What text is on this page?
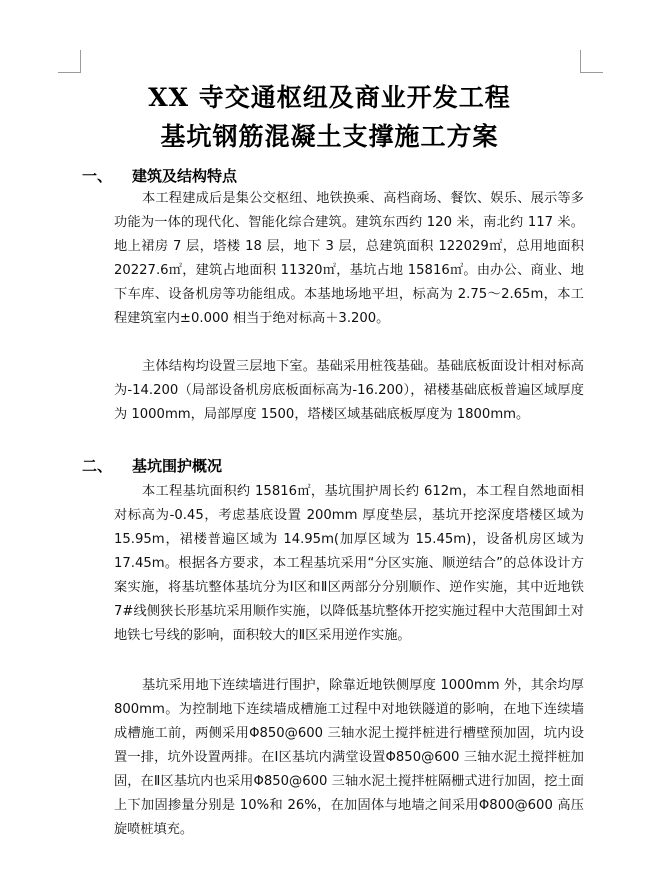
XX 寺交通枢纽及商业开发工程
基坑钢筋混凝土支撑施工方案
一、 建筑及结构特点
本工程建成后是集公交枢纽、地铁换乘、高档商场、餐饮、娱乐、展示等多功能为一体的现代化、智能化综合建筑。建筑东西约 120 米，南北约 117 米。地上裙房 7 层，塔楼 18 层，地下 3 层，总建筑面积 122029㎡，总用地面积 20227.6㎡，建筑占地面积 11320㎡，基坑占地 15816㎡。由办公、商业、地下车库、设备机房等功能组成。本基地场地平坦，标高为 2.75～2.65m，本工程建筑室内±0.000 相当于绝对标高＋3.200。
主体结构均设置三层地下室。基础采用桩筏基础。基础底板面设计相对标高为-14.200（局部设备机房底板面标高为-16.200），裙楼基础底板普遍区域厚度为 1000mm，局部厚度 1500，塔楼区域基础底板厚度为 1800mm。
二、 基坑围护概况
本工程基坑面积约 15816㎡，基坑围护周长约 612m，本工程自然地面相对标高为-0.45，考虑基底设置 200mm 厚度垫层，基坑开挖深度塔楼区域为 15.95m，裙楼普遍区域为 14.95m(加厚区域为 15.45m)，设备机房区域为 17.45m。根据各方要求，本工程基坑采用“分区实施、顺逆结合”的总体设计方案实施，将基坑整体基坑分为Ⅰ区和Ⅱ区两部分分别顺作、逆作实施，其中近地铁 7#线侧狭长形基坑采用顺作实施，以降低基坑整体开挖实施过程中大范围卸土对地铁七号线的影响，面积较大的Ⅱ区采用逆作实施。
基坑采用地下连续墙进行围护，除靠近地铁侧厚度 1000mm 外，其余均厚 800mm。为控制地下连续墙成槽施工过程中对地铁隧道的影响，在地下连续墙成槽施工前，两侧采用Φ850@600 三轴水泥土搅拌桩进行槽壁预加固，坑内设置一排，坑外设置两排。在Ⅰ区基坑内满堂设置Φ850@600 三轴水泥土搅拌桩加固，在Ⅱ区基坑内也采用Φ850@600 三轴水泥土搅拌桩隔栅式进行加固，挖土面上下加固掺量分别是 10%和 26%，在加固体与地墙之间采用Φ800@600 高压旋喷桩填充。
